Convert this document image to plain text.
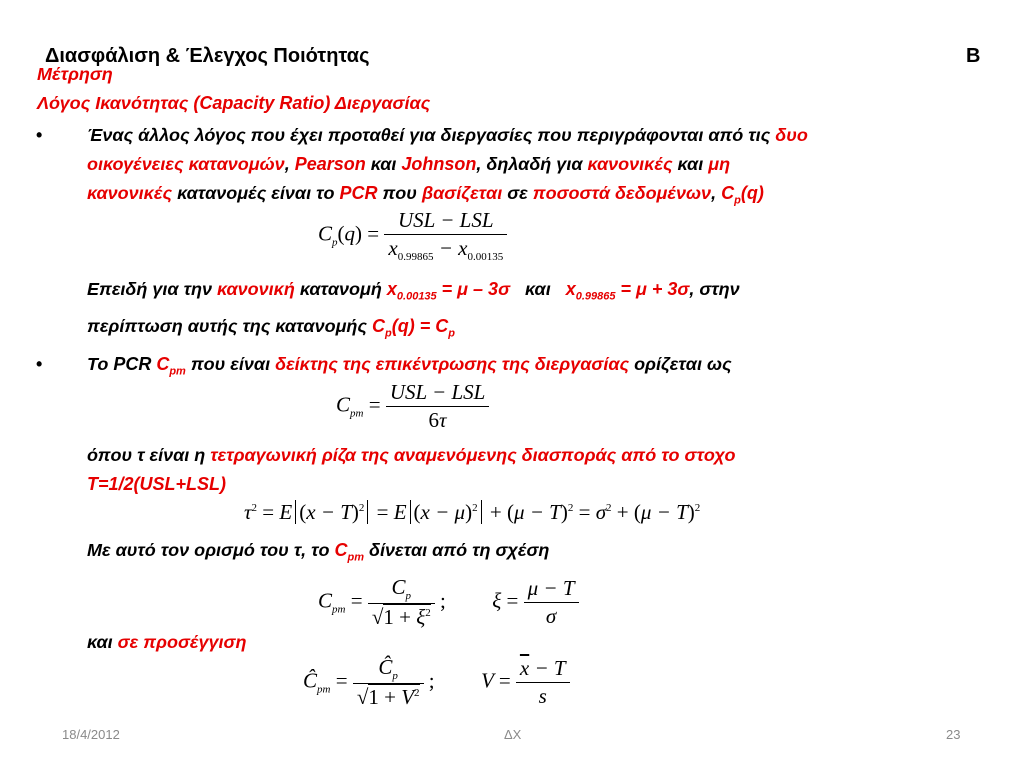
Διασφάλιση & Έλεγχος Ποιότητας	Β
Μέτρηση
Λόγος Ικανότητας (Capacity Ratio) Διεργασίας
• Ένας άλλος λόγος που έχει προταθεί για διεργασίες που περιγράφονται από τις δυο
οικογένειες κατανομών, Pearson και Johnson, δηλαδή για κανονικές και μη
κανονικές κατανομές είναι το PCR που βασίζεται σε ποσοστά δεδομένων, $C_p(q)$
$C_p(q) = \frac{\text{USL − LSL}}{x_{0.99865} - x_{0.00135}}$
Επειδή για την κανονική κατανομή $x_{0.00135} = \mu - 3\sigma$ και $x_{0.99865} = \mu + 3\sigma$, στην
περίπτωση αυτής της κατανομής $C_p(q) = C_p$
• Το PCR $C_{pm}$ που είναι δείκτης της επικέντρωσης της διεργασίας ορίζεται ως
$C_{pm} = \frac{\text{USL − LSL}}{6\tau}$
όπου τ είναι η τετραγωνική ρίζα της αναμενόμενης διασποράς από το στοχο
T=1/2(USL+LSL)
$\tau^2 = E$ $(x - T)^2 = E$ $(x - \mu)^2 + (\mu - T)^2 = \sigma^2 + (\mu - T)^2$
Με αυτό τον ορισμό του τ, το $C_{pm}$ δίνεται από τη σχέση
$C_{pm} = \frac{C_p}{√1 + \xi^2}$ ;  $\xi = \frac{\mu - T}{\sigma}$
και σε προσέγγιση
$Ĉ_{pm} = \frac{Ĉ_p}{√1 + V^2}$ ;  $V = \frac{\overline{x} - T}{s}$
18/4/2012	ΔΧ	23
